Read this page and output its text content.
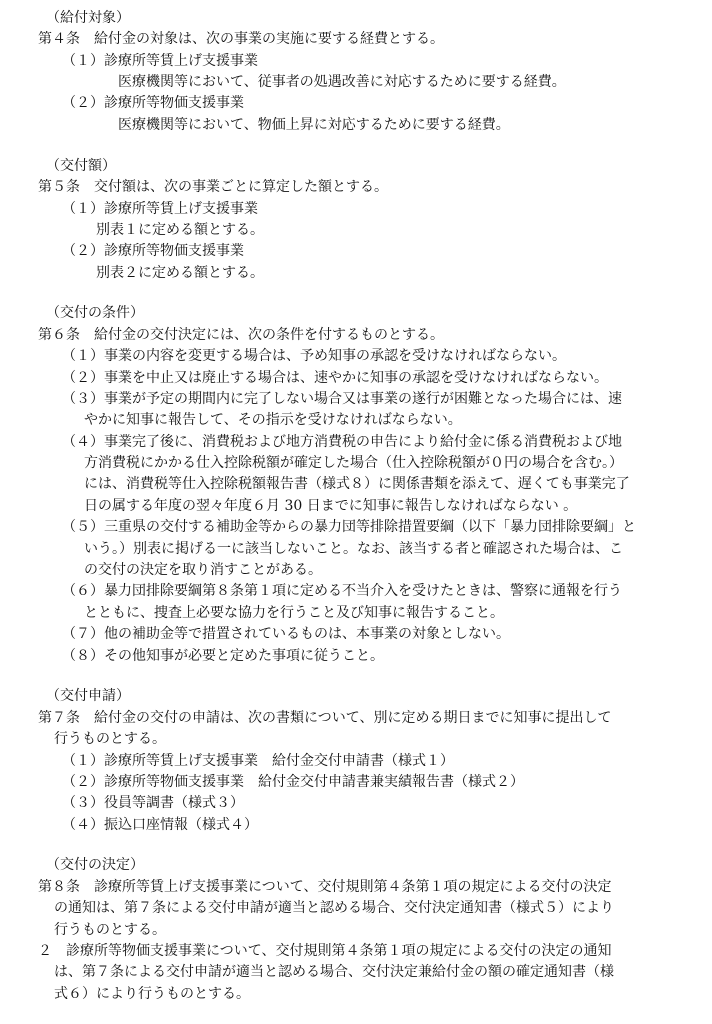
（給付対象）
第４条　給付金の対象は、次の事業の実施に要する経費とする。
（１）診療所等賃上げ支援事業
医療機関等において、従事者の処遇改善に対応するために要する経費。
（２）診療所等物価支援事業
医療機関等において、物価上昇に対応するために要する経費。
（交付額）
第５条　交付額は、次の事業ごとに算定した額とする。
（１）診療所等賃上げ支援事業
別表１に定める額とする。
（２）診療所等物価支援事業
別表２に定める額とする。
（交付の条件）
第６条　給付金の交付決定には、次の条件を付するものとする。
（１）事業の内容を変更する場合は、予め知事の承認を受けなければならない。
（２）事業を中止又は廃止する場合は、速やかに知事の承認を受けなければならない。
（３）事業が予定の期間内に完了しない場合又は事業の遂行が困難となった場合には、速
やかに知事に報告して、その指示を受けなければならない。
（４）事業完了後に、消費税および地方消費税の申告により給付金に係る消費税および地
方消費税にかかる仕入控除税額が確定した場合（仕入控除税額が０円の場合を含む。）
には、消費税等仕入控除税額報告書（様式８）に関係書類を添えて、遅くても事業完了
日の属する年度の翌々年度６月 30 日までに知事に報告しなければならない 。
（５）三重県の交付する補助金等からの暴力団等排除措置要綱（以下「暴力団排除要綱」と
いう。）別表に掲げる一に該当しないこと。なお、該当する者と確認された場合は、こ
の交付の決定を取り消すことがある。
（６）暴力団排除要綱第８条第１項に定める不当介入を受けたときは、警察に通報を行う
とともに、捜査上必要な協力を行うこと及び知事に報告すること。
（７）他の補助金等で措置されているものは、本事業の対象としない。
（８）その他知事が必要と定めた事項に従うこと。
（交付申請）
第７条　給付金の交付の申請は、次の書類について、別に定める期日までに知事に提出して
行うものとする。
（１）診療所等賃上げ支援事業　給付金交付申請書（様式１）
（２）診療所等物価支援事業　給付金交付申請書兼実績報告書（様式２）
（３）役員等調書（様式３）
（４）振込口座情報（様式４）
（交付の決定）
第８条　診療所等賃上げ支援事業について、交付規則第４条第１項の規定による交付の決定
の通知は、第７条による交付申請が適当と認める場合、交付決定通知書（様式５）により
行うものとする。
２　診療所等物価支援事業について、交付規則第４条第１項の規定による交付の決定の通知
は、第７条による交付申請が適当と認める場合、交付決定兼給付金の額の確定通知書（様
式６）により行うものとする。
